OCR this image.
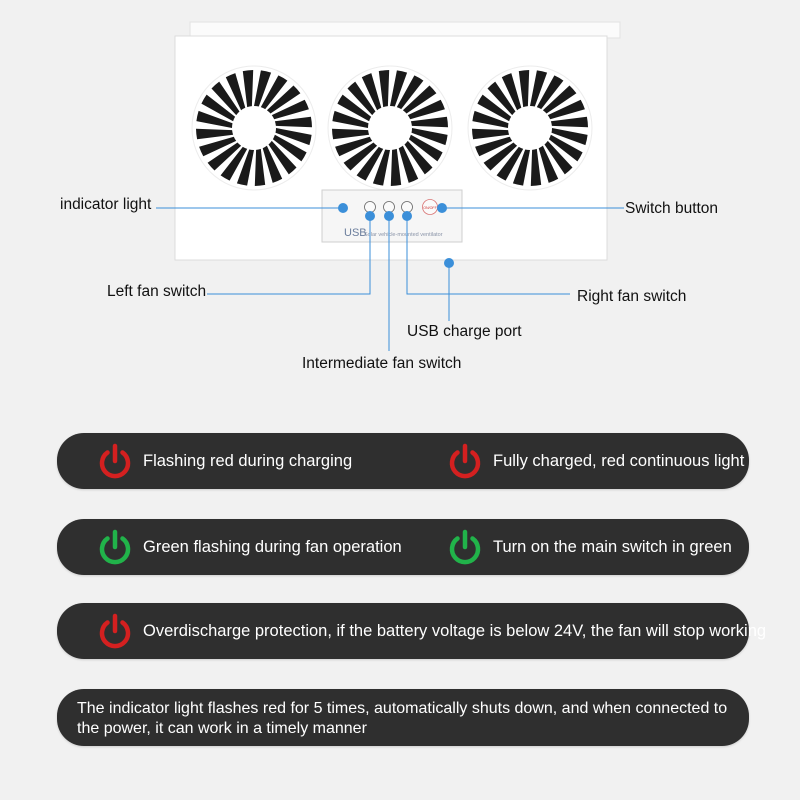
USB
Solar vehicle-mounted ventilator
ON/OFF
indicator light	Switch button
Left fan switch	Right fan switch
USB charge port
Intermediate fan switch
Flashing red during charging	Fully charged, red continuous light
Green flashing during fan operation	Turn on the main switch in green
Overdischarge protection, if the battery voltage is below 24V, the fan will stop working
The indicator light flashes red for 5 times, automatically shuts down, and when connected to the power, it can work in a timely manner
